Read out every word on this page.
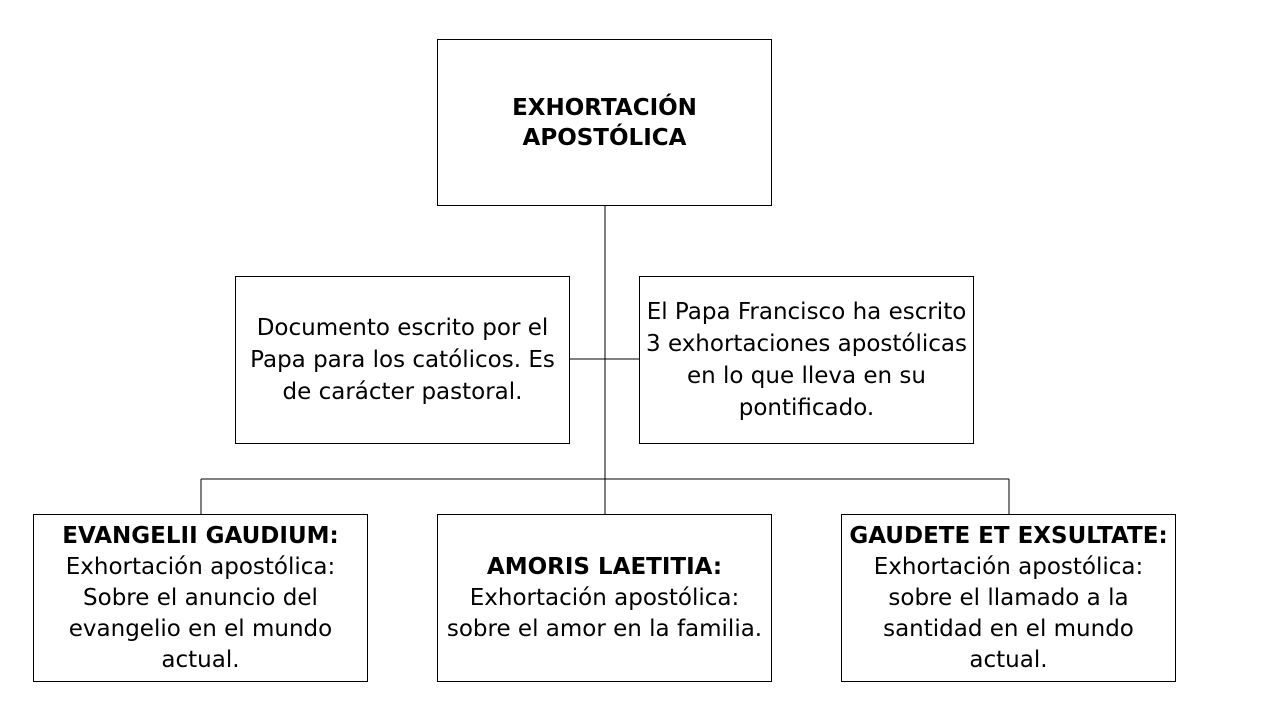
EXHORTACIÓN APOSTÓLICA
Documento escrito por el Papa para los católicos. Es de carácter pastoral.
El Papa Francisco ha escrito 3 exhortaciones apostólicas en lo que lleva en su pontificado.
EVANGELII GAUDIUM:
Exhortación apostólica: Sobre el anuncio del evangelio en el mundo actual.
AMORIS LAETITIA:
Exhortación apostólica: sobre el amor en la familia.
GAUDETE ET EXSULTATE:
Exhortación apostólica: sobre el llamado a la santidad en el mundo actual.
